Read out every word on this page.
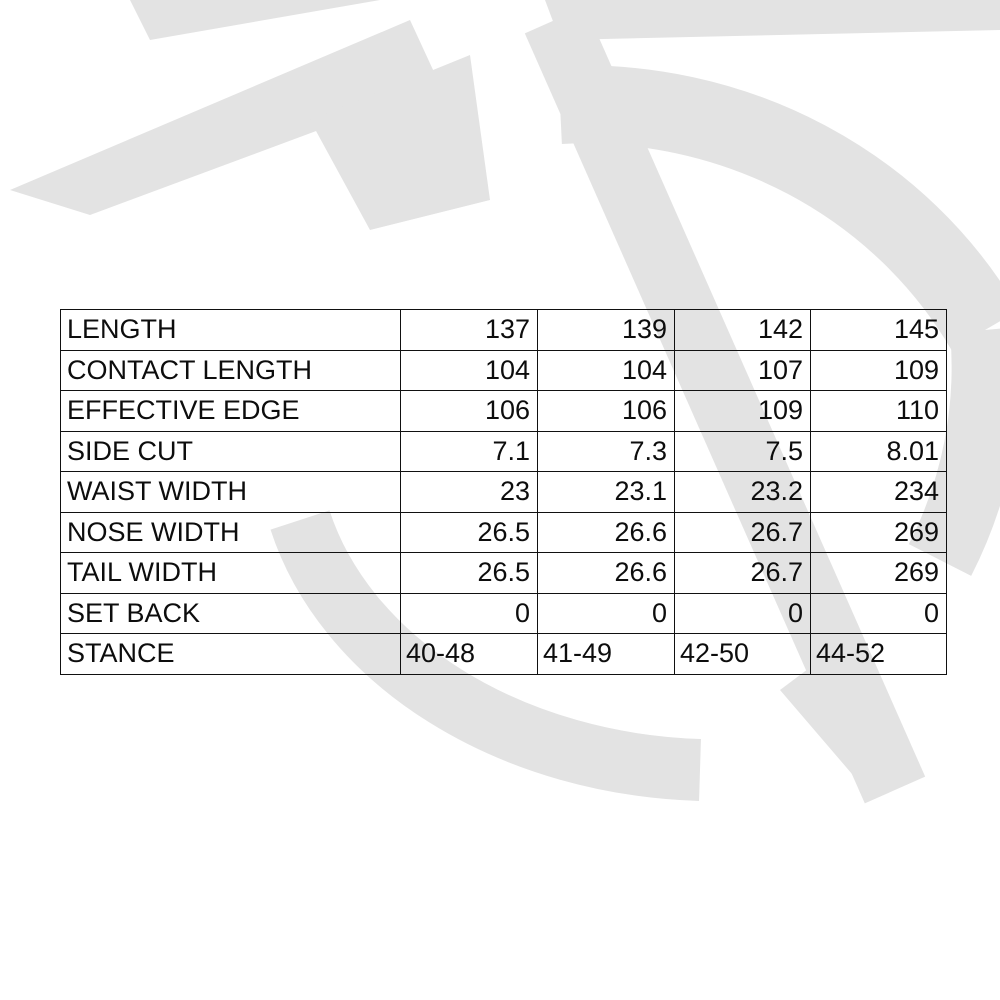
LENGTH	137	139	142	145
CONTACT LENGTH	104	104	107	109
EFFECTIVE EDGE	106	106	109	110
SIDE CUT	7.1	7.3	7.5	8.01
WAIST WIDTH	23	23.1	23.2	234
NOSE WIDTH	26.5	26.6	26.7	269
TAIL WIDTH	26.5	26.6	26.7	269
SET BACK	0	0	0	0
STANCE	40-48	41-49	42-50	44-52
